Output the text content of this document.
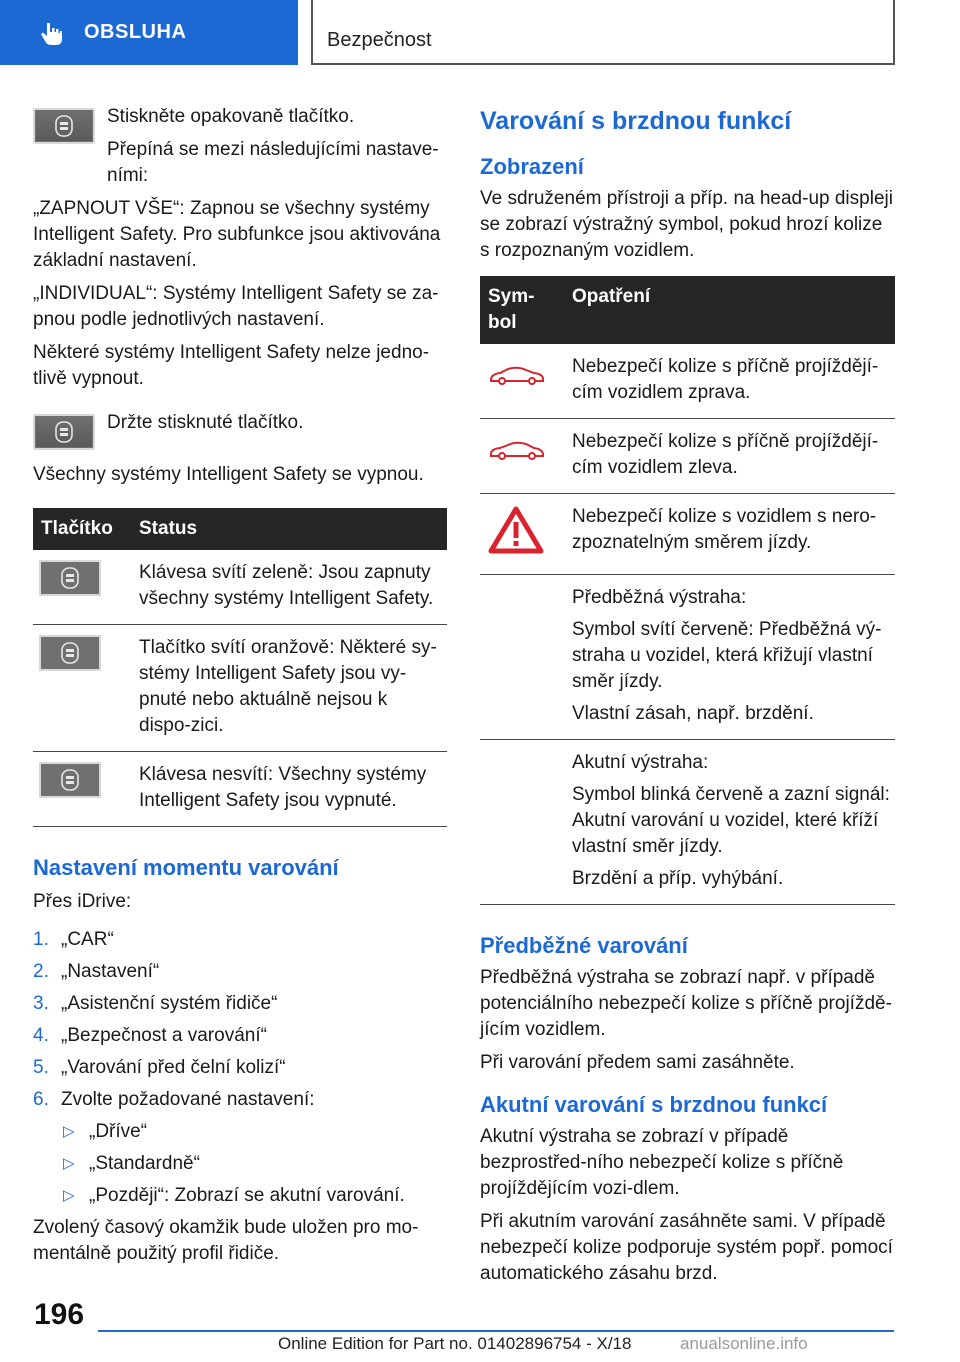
OBSLUHA	Bezpečnost

Stiskněte opakovaně tlačítko.

Přepíná se mezi následujícími nastave-ními:

„ZAPNOUT VŠE“: Zapnou se všechny systémy Intelligent Safety. Pro subfunkce jsou aktivována základní nastavení.

„INDIVIDUAL“: Systémy Intelligent Safety se za-pnou podle jednotlivých nastavení.

Některé systémy Intelligent Safety nelze jedno-tlivě vypnout.

Držte stisknuté tlačítko.

Všechny systémy Intelligent Safety se vypnou.

Tlačítko	Status

	Klávesa svítí zeleně: Jsou zapnuty všechny systémy Intelligent Safety.

	Tlačítko svítí oranžově: Některé sy-stémy Intelligent Safety jsou vy-pnuté nebo aktuálně nejsou k dispo-zici.

	Klávesa nesvítí: Všechny systémy Intelligent Safety jsou vypnuté.
Nastavení momentu varování

Přes iDrive:

1. „CAR“
2. „Nastavení“
3. „Asistenční systém řidiče“
4. „Bezpečnost a varování“
5. „Varování před čelní kolizí“
6. Zvolte požadované nastavení:
▷ „Dříve“
▷ „Standardně“
▷ „Později“: Zobrazí se akutní varování.

Zvolený časový okamžik bude uložen pro mo-mentálně použitý profil řidiče.

Varování s brzdnou funkcí
Zobrazení

Ve sdruženém přístroji a příp. na head-up displeji se zobrazí výstražný symbol, pokud hrozí kolize s rozpoznaným vozidlem.

Sym-bol	Opatření
	Nebezpečí kolize s příčně projíždějí-cím vozidlem zprava.
	Nebezpečí kolize s příčně projíždějí-cím vozidlem zleva.
	Nebezpečí kolize s vozidlem s nero-zpoznatelným směrem jízdy.

	Předběžná výstraha:

Symbol svítí červeně: Předběžná vý-straha u vozidel, která křižují vlastní směr jízdy.

Vlastní zásah, např. brzdění.

	Akutní výstraha:

Symbol blinká červeně a zazní signál: Akutní varování u vozidel, které kříží vlastní směr jízdy.

Brzdění a příp. vyhýbání.

Předběžné varování

Předběžná výstraha se zobrazí např. v případě potenciálního nebezpečí kolize s příčně projíždě-jícím vozidlem.

Při varování předem sami zasáhněte.

Akutní varování s brzdnou funkcí

Akutní výstraha se zobrazí v případě bezprostřed-ního nebezpečí kolize s příčně projíždějícím vozi-dlem.

Při akutním varování zasáhněte sami. V případě nebezpečí kolize podporuje systém popř. pomocí automatického zásahu brzd.

196
Online Edition for Part no. 01402896754 - X/18	anualsonline.info
